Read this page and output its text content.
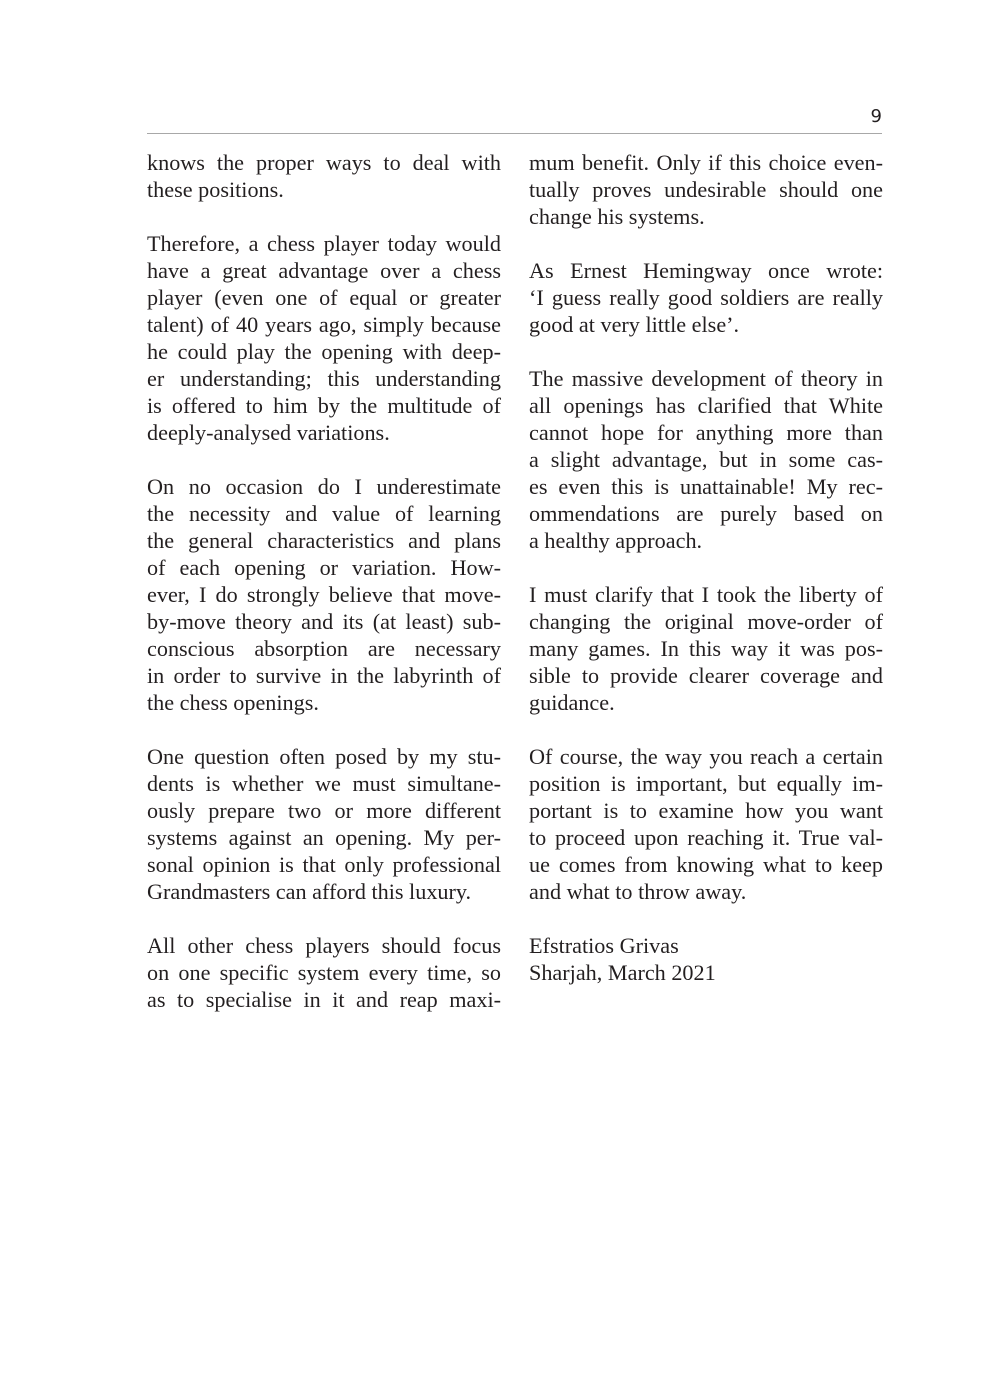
9

knows the proper ways to deal with
these positions.

Therefore, a chess player today would
have a great advantage over a chess
player (even one of equal or greater
talent) of 40 years ago, simply because
he could play the opening with deep-
er understanding; this understanding
is offered to him by the multitude of
deeply-analysed variations.

On no occasion do I underestimate
the necessity and value of learning
the general characteristics and plans
of each opening or variation. How-
ever, I do strongly believe that move-
by-move theory and its (at least) sub-
conscious absorption are necessary
in order to survive in the labyrinth of
the chess openings.

One question often posed by my stu-
dents is whether we must simultane-
ously prepare two or more different
systems against an opening. My per-
sonal opinion is that only professional
Grandmasters can afford this luxury.

All other chess players should focus
on one specific system every time, so
as to specialise in it and reap maxi-

mum benefit. Only if this choice even-
tually proves undesirable should one
change his systems.

As Ernest Hemingway once wrote:
‘I guess really good soldiers are really
good at very little else’.

The massive development of theory in
all openings has clarified that White
cannot hope for anything more than
a slight advantage, but in some cas-
es even this is unattainable! My rec-
ommendations are purely based on
a healthy approach.

I must clarify that I took the liberty of
changing the original move-order of
many games. In this way it was pos-
sible to provide clearer coverage and
guidance.

Of course, the way you reach a certain
position is important, but equally im-
portant is to examine how you want
to proceed upon reaching it. True val-
ue comes from knowing what to keep
and what to throw away.

Efstratios Grivas
Sharjah, March 2021
